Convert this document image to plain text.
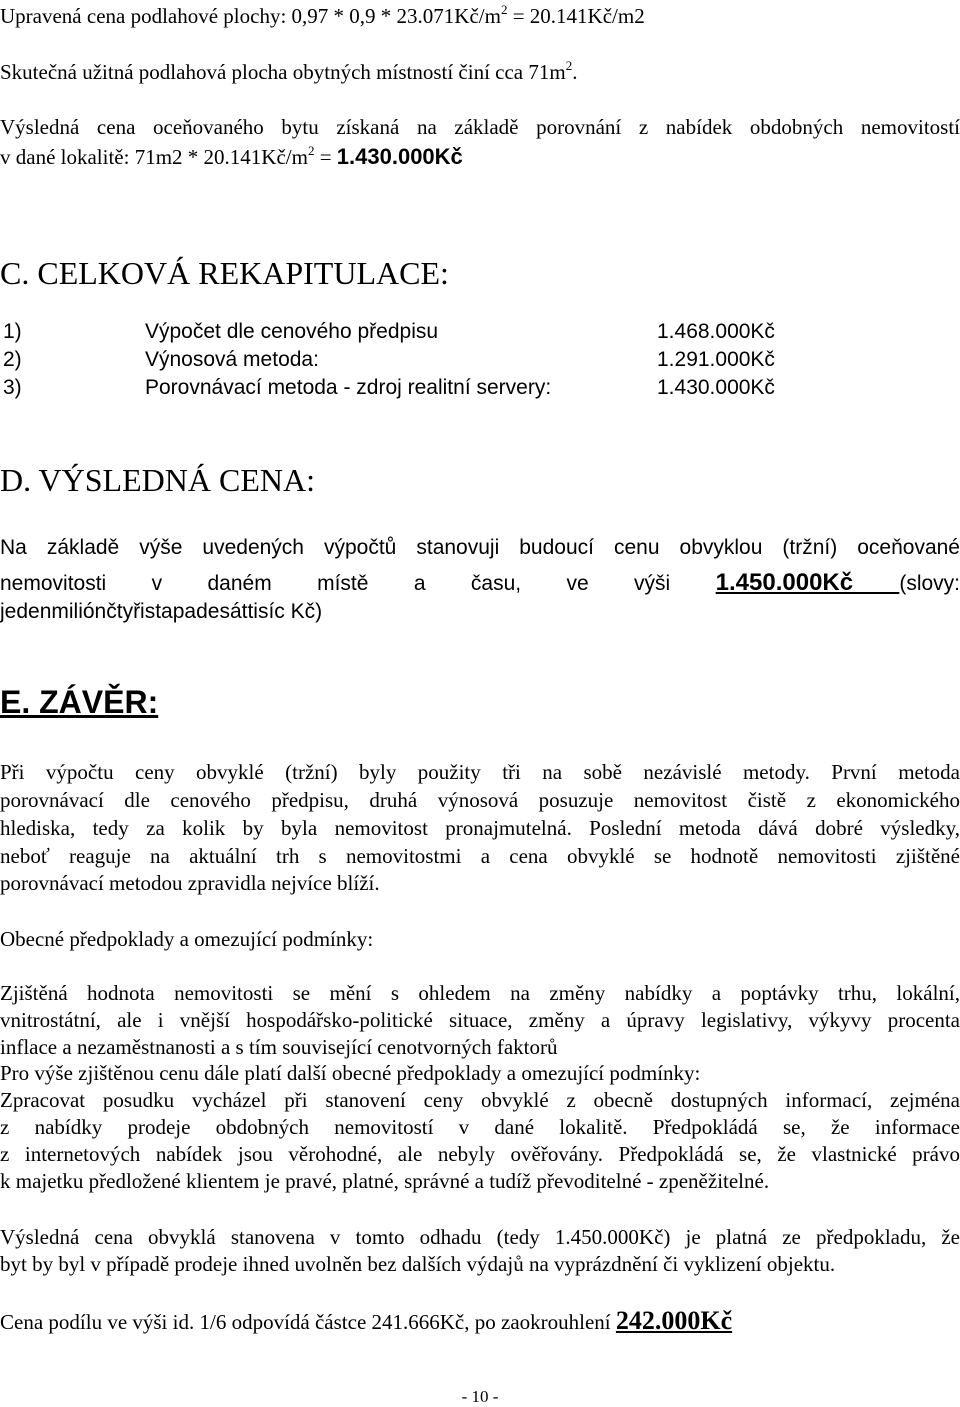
Upravená cena podlahové plochy: $0,97 * 0,9 * 23.071Kč/m^2$ = 20.141Kč/m2
Skutečná užitná podlahová plocha obytných místností činí cca $71m^2$.
Výsledná cena oceňovaného bytu získaná na základě porovnání z nabídek obdobných nemovitostí
v dané lokalitě: $71m2 * 20.141Kč/m^2$ = 1.430.000Kč
C. CELKOVÁ REKAPITULACE:
1)	Výpočet dle cenového předpisu	1.468.000Kč
2)	Výnosová metoda:	1.291.000Kč
3)	Porovnávací metoda - zdroj realitní servery:	1.430.000Kč
D. VÝSLEDNÁ CENA:
Na základě výše uvedených výpočtů stanovuji budoucí cenu obvyklou (tržní) oceňované
nemovitosti v daném místě a času, ve výši 1.450.000Kč (slovy:
jedenmiliónčtyřistapadesáttisíc Kč)
E. ZÁVĚR:
Při výpočtu ceny obvyklé (tržní) byly použity tři na sobě nezávislé metody. První metoda
porovnávací dle cenového předpisu, druhá výnosová posuzuje nemovitost čistě z ekonomického
hlediska, tedy za kolik by byla nemovitost pronajmutelná. Poslední metoda dává dobré výsledky,
neboť reaguje na aktuální trh s nemovitostmi a cena obvyklé se hodnotě nemovitosti zjištěné
porovnávací metodou zpravidla nejvíce blíží.
Obecné předpoklady a omezující podmínky:
Zjištěná hodnota nemovitosti se mění s ohledem na změny nabídky a poptávky trhu, lokální,
vnitrostátní, ale i vnější hospodářsko-politické situace, změny a úpravy legislativy, výkyvy procenta
inflace a nezaměstnanosti a s tím související cenotvorných faktorů
Pro výše zjištěnou cenu dále platí další obecné předpoklady a omezující podmínky:
Zpracovat posudku vycházel při stanovení ceny obvyklé z obecně dostupných informací, zejména
z nabídky prodeje obdobných nemovitostí v dané lokalitě. Předpokládá se, že informace
z internetových nabídek jsou věrohodné, ale nebyly ověřovány. Předpokládá se, že vlastnické právo
k majetku předložené klientem je pravé, platné, správné a tudíž převoditelné - zpeněžitelné.
Výsledná cena obvyklá stanovena v tomto odhadu (tedy 1.450.000Kč) je platná ze předpokladu, že
byt by byl v případě prodeje ihned uvolněn bez dalších výdajů na vyprázdnění či vyklizení objektu.
Cena podílu ve výši id. 1/6 odpovídá částce 241.666Kč, po zaokrouhlení 242.000Kč
- 10 -
